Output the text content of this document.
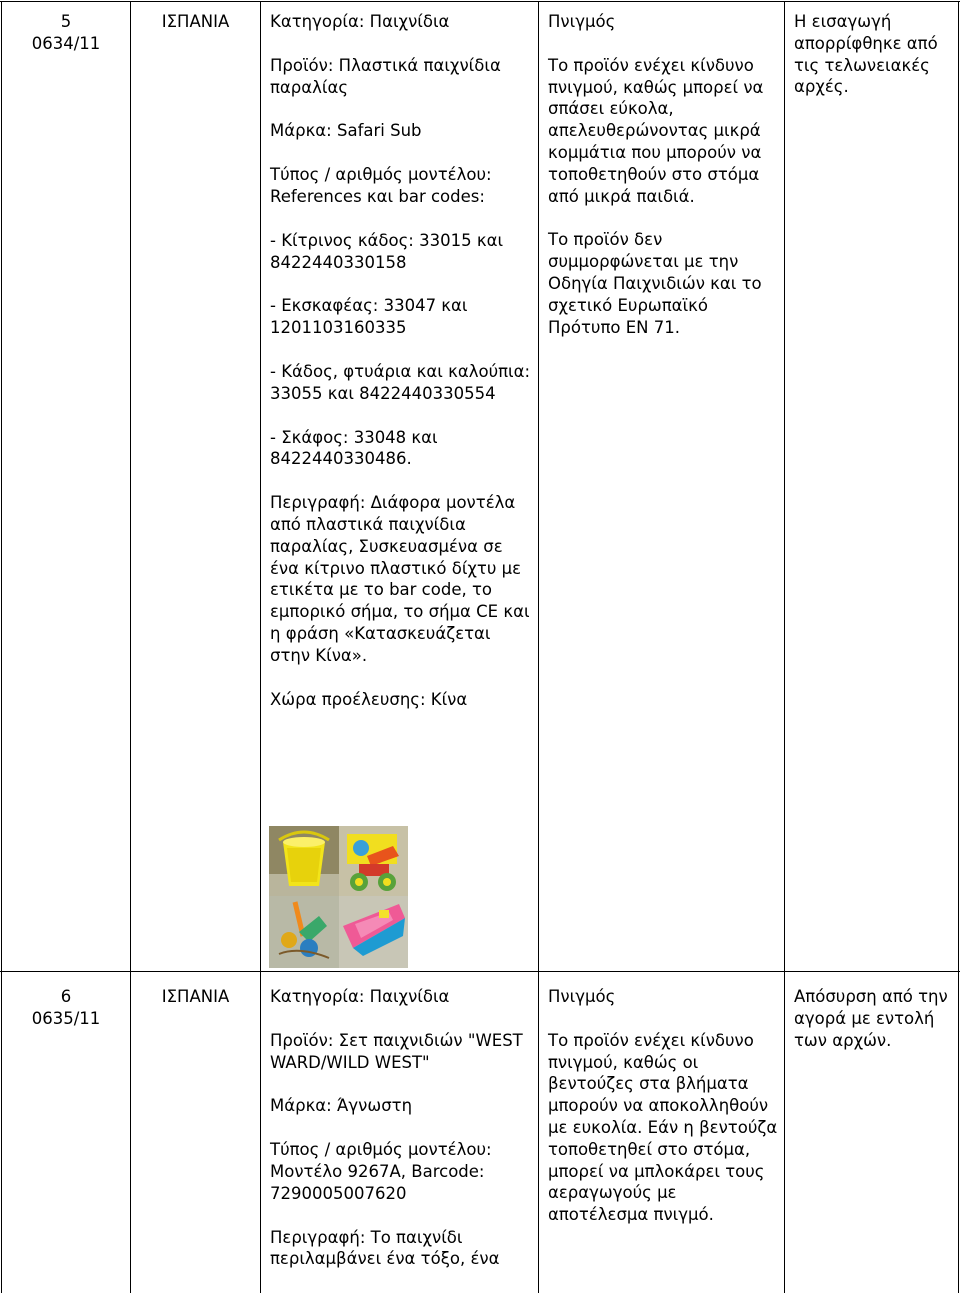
5

0634/11

ΙΣΠΑΝΙΑ	Κατηγορία: Παιχνίδια

Προϊόν: Πλαστικά παιχνίδια παραλίας

Μάρκα: Safari Sub

Τύπος / αριθμός μοντέλου: References και bar codes:

- Κίτρινος κάδος: 33015 και 8422440330158

- Εκσκαφέας: 33047 και 1201103160335

- Κάδος, φτυάρια και καλούπια: 33055 και 8422440330554

- Σκάφος: 33048 και 8422440330486.

Περιγραφή: Διάφορα μοντέλα από πλαστικά παιχνίδια παραλίας, Συσκευασμένα σε ένα κίτρινο πλαστικό δίχτυ με ετικέτα με το bar code, το εμπορικό σήμα, το σήμα CE και η φράση «Κατασκευάζεται στην Κίνα».

Χώρα προέλευσης: Κίνα

Πνιγμός

Το προϊόν ενέχει κίνδυνο πνιγμού, καθώς μπορεί να σπάσει εύκολα, απελευθερώνοντας μικρά κομμάτια που μπορούν να τοποθετηθούν στο στόμα από μικρά παιδιά.

Το προϊόν δεν συμμορφώνεται με την Οδηγία Παιχνιδιών και το σχετικό Ευρωπαϊκό Πρότυπο EN 71.

Η εισαγωγή απορρίφθηκε από τις τελωνειακές αρχές.

6

0635/11

ΙΣΠΑΝΙΑ	Κατηγορία: Παιχνίδια

Προϊόν: Σετ παιχνιδιών "WEST WARD/WILD WEST"

Μάρκα: Άγνωστη

Τύπος / αριθμός μοντέλου: Μοντέλο 9267A, Barcode: 7290005007620

Περιγραφή: Το παιχνίδι περιλαμβάνει ένα τόξο, ένα

Πνιγμός

Το προϊόν ενέχει κίνδυνο πνιγμού, καθώς οι βεντούζες στα βλήματα μπορούν να αποκολληθούν με ευκολία. Εάν η βεντούζα τοποθετηθεί στο στόμα, μπορεί να μπλοκάρει τους αεραγωγούς με αποτέλεσμα πνιγμό.

Απόσυρση από την αγορά με εντολή των αρχών.
